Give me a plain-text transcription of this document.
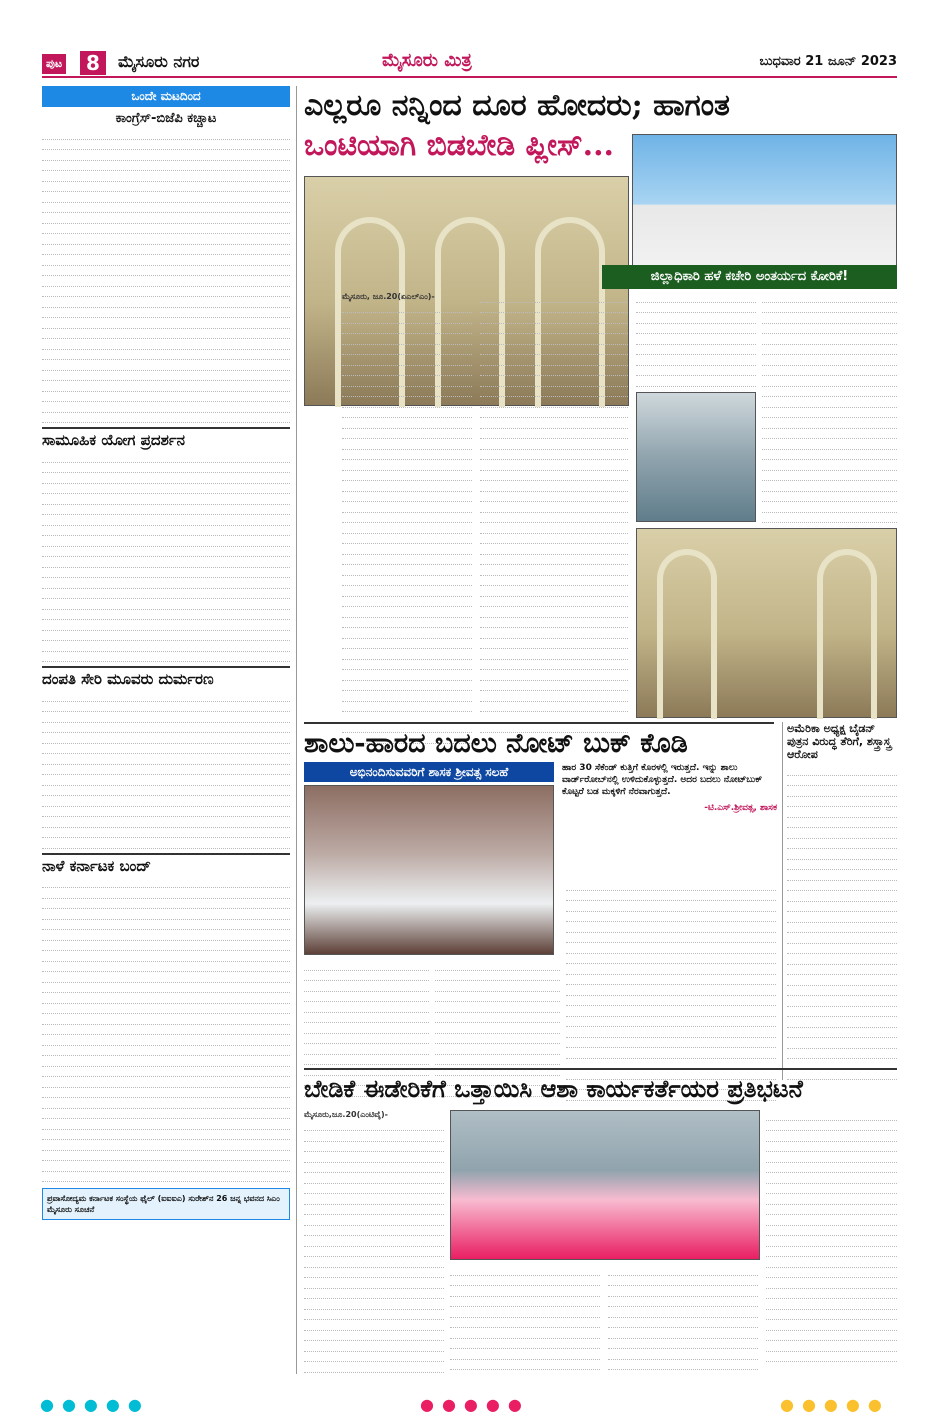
ಪುಟ	8	ಮೈಸೂರು ನಗರ	ಮೈಸೂರು ಮಿತ್ರ	ಬುಧವಾರ 21 ಜೂನ್ 2023
ಒಂದೇ ಮಟದಿಂದ
ಕಾಂಗ್ರೆಸ್-ಬಿಜೆಪಿ ಕಚ್ಚಾಟ
ಸಾಮೂಹಿಕ ಯೋಗ ಪ್ರದರ್ಶನ
ದಂಪತಿ ಸೇರಿ ಮೂವರು ದುರ್ಮರಣ
ನಾಳೆ ಕರ್ನಾಟಕ ಬಂದ್
ಪ್ರವಾಸೋದ್ಯಮ ಕರ್ನಾಟಕ ಸಂಸ್ಥೆಯ ಫೈಲ್ (ಐಐಐಎ) ಸುರೇಶ್‌ನ 26 ಜನ್ನ ಭವನದ ಸಿಎಂ ಮೈಸೂರು ಸೂಚನೆ
ಎಲ್ಲರೂ ನನ್ನಿಂದ ದೂರ ಹೋದರು; ಹಾಗಂತ
ಒಂಟಿಯಾಗಿ ಬಿಡಬೇಡಿ ಪ್ಲೀಸ್...
ಜಿಲ್ಲಾಧಿಕಾರಿ ಹಳೆ ಕಚೇರಿ ಅಂತರ್ಯದ ಕೋರಿಕೆ!
ಮೈಸೂರು, ಜೂ.20(ಏಎಲ್‌ಎಂ)-
ಶಾಲು-ಹಾರದ ಬದಲು ನೋಟ್ ಬುಕ್ ಕೊಡಿ
ಅಭಿನಂದಿಸುವವರಿಗೆ ಶಾಸಕ ಶ್ರೀವತ್ಸ ಸಲಹೆ	ಹಾರ 30 ಸೆಕೆಂಡ್ ಕುತ್ತಿಗೆ ಕೊರಳಲ್ಲಿ ಇರುತ್ತದೆ. ಇನ್ನು ಶಾಲು ವಾರ್ಡ್‌ರೋಬ್‌ನಲ್ಲಿ ಉಳಿದುಕೊಳ್ಳುತ್ತದೆ. ಅದರ ಬದಲು ನೋಟ್‌ಬುಕ್ ಕೊಟ್ಟರೆ ಬಡ ಮಕ್ಕಳಿಗೆ ನೆರವಾಗುತ್ತದೆ.
-ಟಿ.ಎಸ್.ಶ್ರೀವತ್ಸ, ಶಾಸಕ
ಅಮೆರಿಕಾ ಅಧ್ಯಕ್ಷ ಬೈಡನ್ ಪುತ್ರನ ವಿರುದ್ಧ ತೆರಿಗೆ, ಶಸ್ತ್ರಾಸ್ತ್ರ ಆರೋಪ
ಬೇಡಿಕೆ ಈಡೇರಿಕೆಗೆ ಒತ್ತಾಯಿಸಿ ಆಶಾ ಕಾರ್ಯಕರ್ತೆಯರ ಪ್ರತಿಭಟನೆ
ಮೈಸೂರು,ಜೂ.20(ಎಂಟಿವೈ)-
●●●●●	●●●●●	●●●●●
